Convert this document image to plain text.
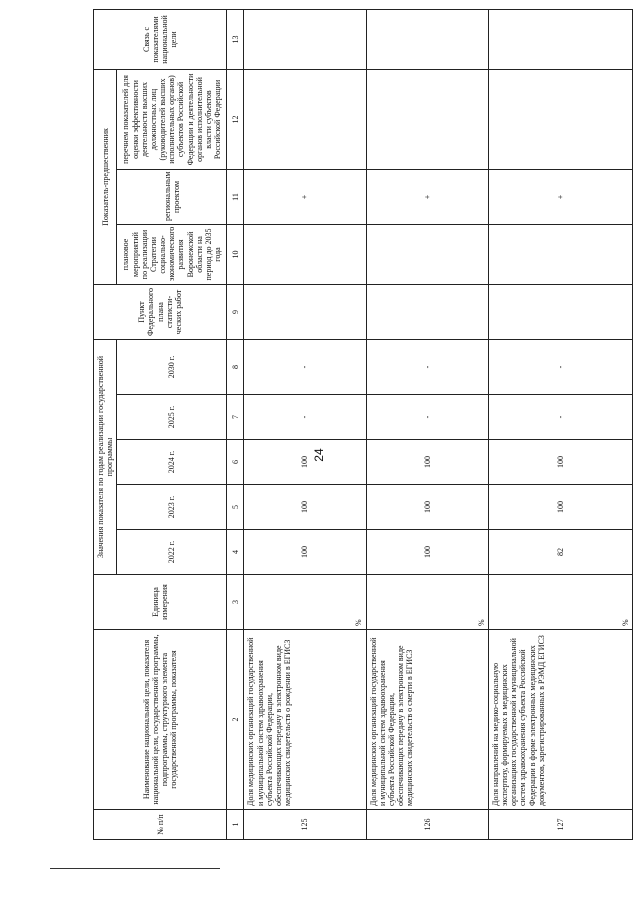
24
№ п/п	Наименование национальной цели, показателя национальной цели, государственной программы, подпрограммы, структурного элемента государственной программы, показателя	Единица измерения	Значения показателя по годам реализации государственной программы					Пункт Федерального плана статисти-ческих работ	Показатель-предшественник			Связь с показателями национальной цели
			2022 г.	2023 г.	2024 г.	2025 г.	2030 г.		плановое мероприятий по реализации Стратегии социально-экономического развития Воронежской области на период до 2035 года	региональным проектом	перечнем показателей для оценки эффективности деятельности высших должностных лиц (руководителей высших исполнительных органов) субъектов Российской Федерации и деятельности органов исполнительной власти субъектов Российской Федерации	
1	2	3	4	5	6	7	8	9	10	11	12	13
125	Доля медицинских организаций государственной и муниципальной систем здравоохранения субъекта Российской Федерации, обеспечивающих передачу в электронном виде медицинских свидетельств о рождении в ЕГИСЗ	%	100	100	100	-	-			+		
126	Доля медицинских организаций государственной и муниципальной систем здравоохранения субъекта Российской Федерации, обеспечивающих передачу в электронном виде медицинских свидетельств о смерти в ЕГИСЗ	%	100	100	100	-	-			+		
127	Доля направлений на медико-социальную экспертизу, формируемых в медицинских организациях государственной и муниципальной систем здравоохранения субъекта Российской Федерации в форме электронных медицинских документов, зарегистрированных в РЭМД ЕГИСЗ	%	82	100	100	-	-			+		
